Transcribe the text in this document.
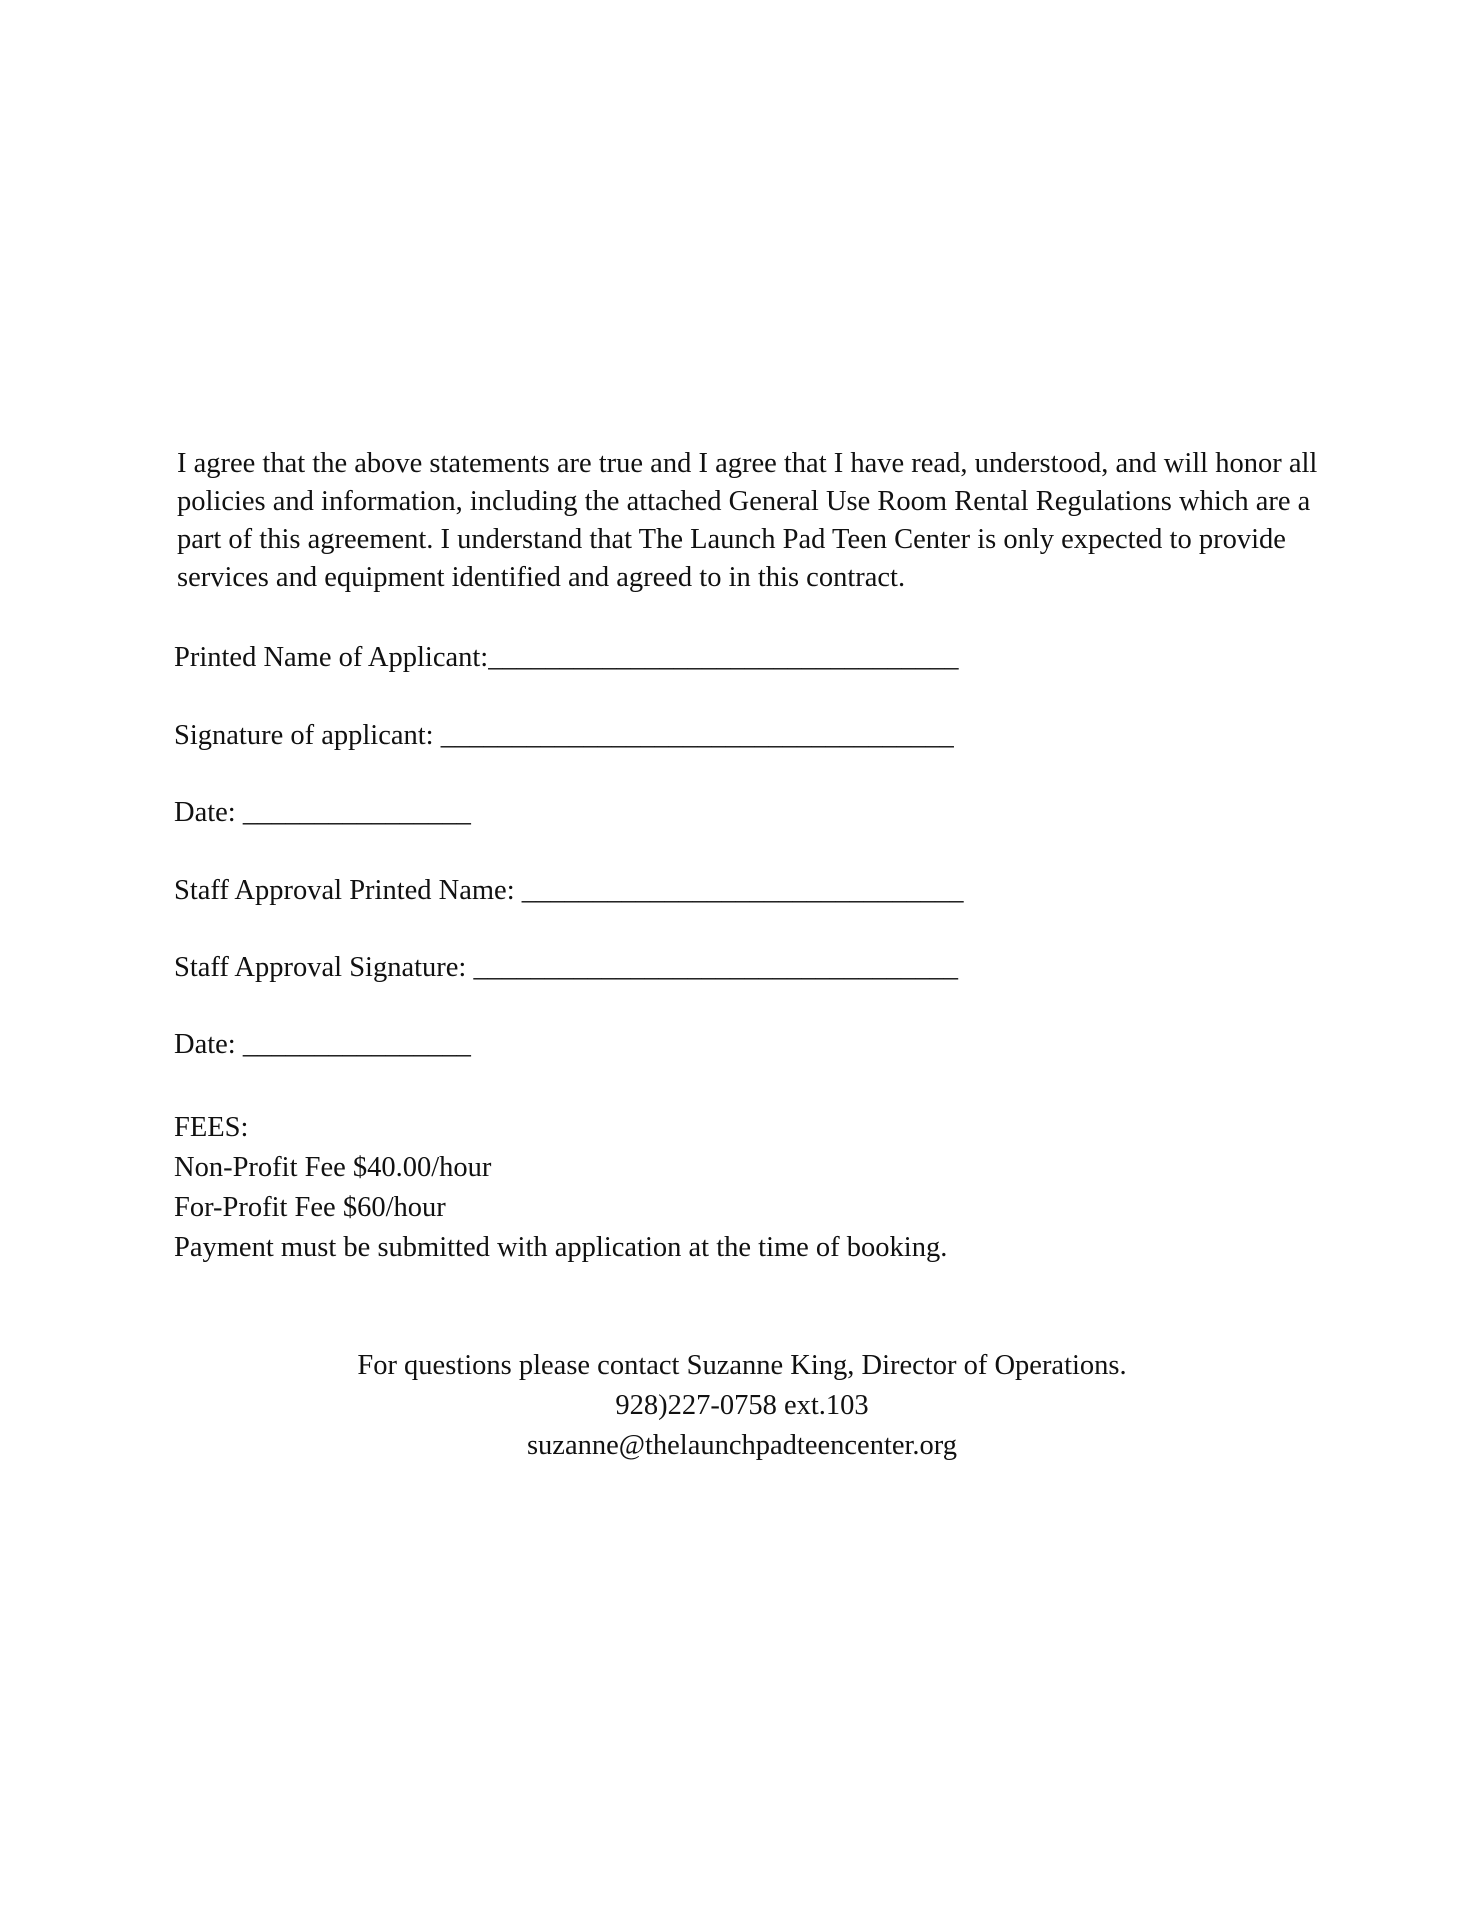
I agree that the above statements are true and I agree that I have read, understood, and will honor all policies and information, including the attached General Use Room Rental Regulations which are a part of this agreement. I understand that The Launch Pad Teen Center is only expected to provide services and equipment identified and agreed to in this contract.

Printed Name of Applicant:_________________________________

Signature of applicant: ____________________________________

Date: ________________

Staff Approval Printed Name: _______________________________

Staff Approval Signature: __________________________________

Date: ________________

FEES:
Non-Profit Fee $40.00/hour
For-Profit Fee $60/hour
Payment must be submitted with application at the time of booking.
For questions please contact Suzanne King, Director of Operations.
928)227-0758 ext.103
suzanne@thelaunchpadteencenter.org
